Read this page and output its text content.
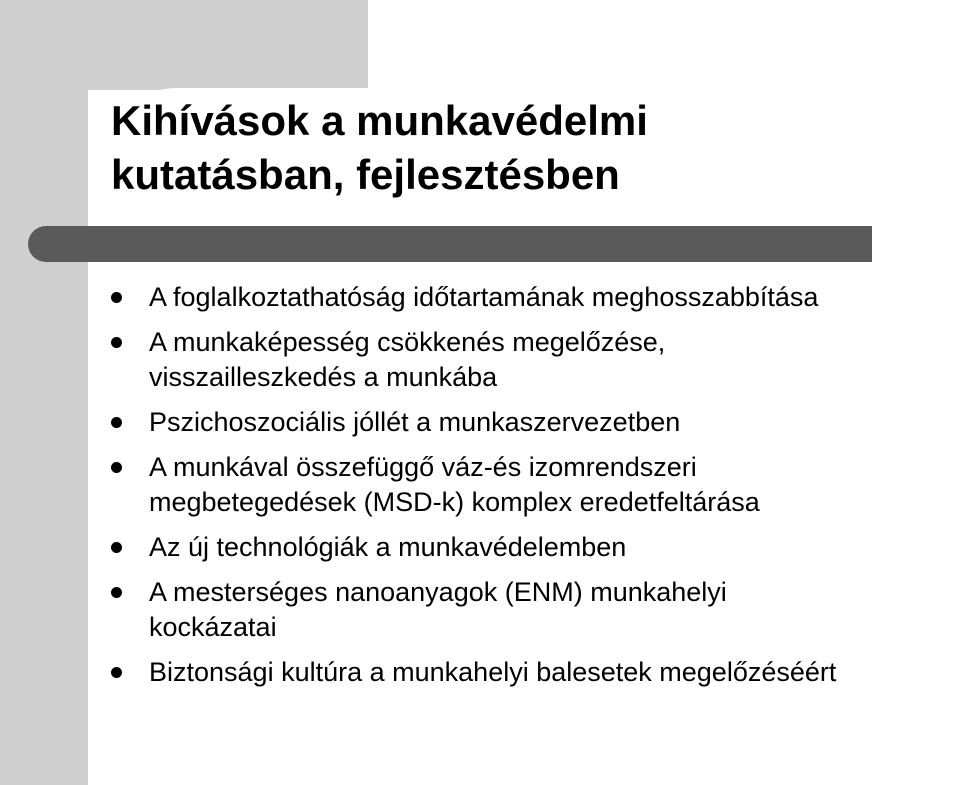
Kihívások a munkavédelmi
kutatásban, fejlesztésben
A foglalkoztathatóság időtartamának meghosszabbítása
A munkaképesség csökkenés megelőzése,
visszailleszkedés a munkába
Pszichoszociális jóllét a munkaszervezetben
A munkával összefüggő váz-és izomrendszeri
megbetegedések (MSD-k) komplex eredetfeltárása
Az új technológiák a munkavédelemben
A mesterséges nanoanyagok (ENM) munkahelyi
kockázatai
Biztonsági kultúra a munkahelyi balesetek megelőzéséért
